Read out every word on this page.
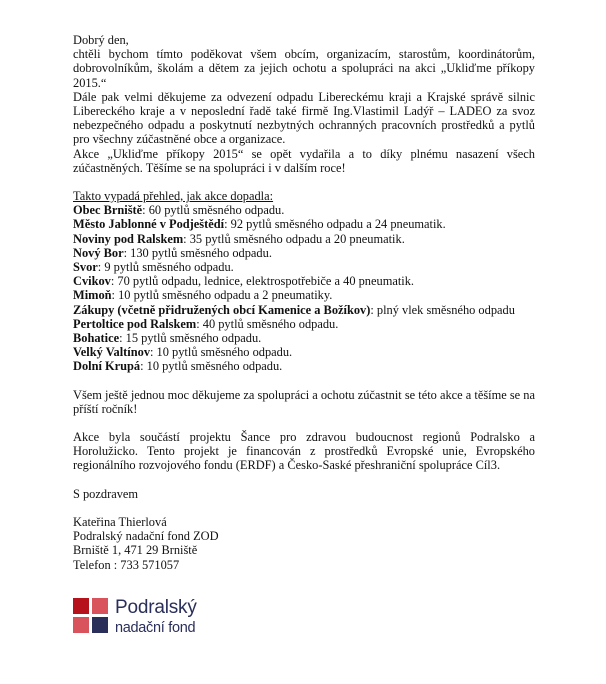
Dobrý den,

chtěli bychom tímto poděkovat všem obcím, organizacím, starostům, koordinátorům, dobrovolníkům, školám a dětem za jejich ochotu a spolupráci na akci „Ukliďme příkopy 2015.“

Dále pak velmi děkujeme za odvezení odpadu Libereckému kraji a Krajské správě silnic Libereckého kraje a v neposlední řadě také firmě Ing.Vlastimil Ladýř – LADEO za svoz nebezpečného odpadu a poskytnutí nezbytných ochranných pracovních prostředků a pytlů pro všechny zúčastněné obce a organizace.

Akce „Ukliďme příkopy 2015“ se opět vydařila a to díky plnému nasazení všech zúčastněných. Těšíme se na spolupráci i v dalším roce!

Takto vypadá přehled, jak akce dopadla:

Obec Brniště: 60 pytlů směsného odpadu.

Město Jablonné v Podještědí: 92 pytlů směsného odpadu a 24 pneumatik.

Noviny pod Ralskem: 35 pytlů směsného odpadu a 20 pneumatik.

Nový Bor: 130 pytlů směsného odpadu.

Svor: 9 pytlů směsného odpadu.

Cvikov: 70 pytlů odpadu, lednice, elektrospotřebiče a 40 pneumatik.

Mimoň: 10 pytlů směsného odpadu a 2 pneumatiky.

Zákupy (včetně přidružených obcí Kamenice a Božíkov): plný vlek směsného odpadu

Pertoltice pod Ralskem: 40 pytlů směsného odpadu.

Bohatice: 15 pytlů směsného odpadu.

Velký Valtínov: 10 pytlů směsného odpadu.

Dolní Krupá: 10 pytlů směsného odpadu.

Všem ještě jednou moc děkujeme za spolupráci a ochotu zúčastnit se této akce a těšíme se na příští ročník!

Akce byla součástí projektu Šance pro zdravou budoucnost regionů Podralsko a Horolužicko. Tento projekt je financován z prostředků Evropské unie, Evropského regionálního rozvojového fondu (ERDF) a Česko-Saské přeshraniční spolupráce Cíl3.

S pozdravem

Kateřina Thierlová

Podralský nadační fond ZOD

Brniště 1, 471 29 Brniště

Telefon : 733 571057

Podralský
nadační fond
